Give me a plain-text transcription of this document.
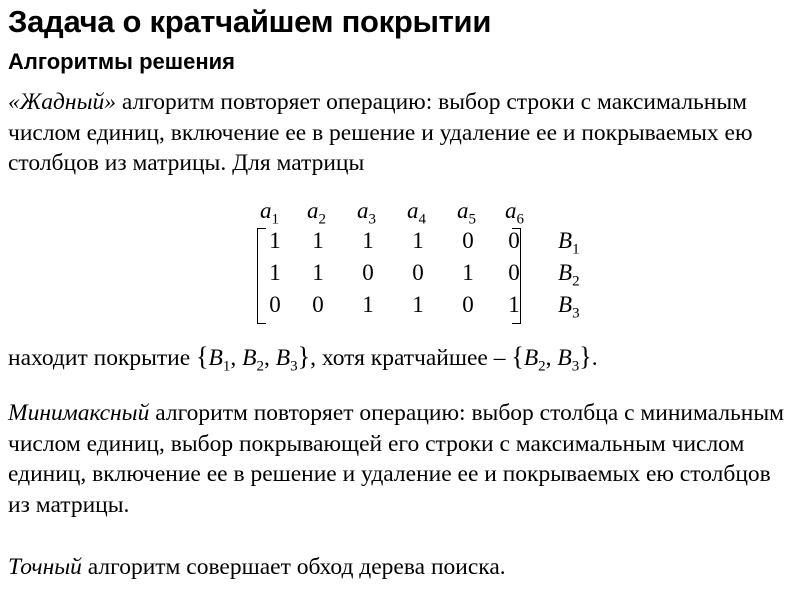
Задача о кратчайшем покрытии
Алгоритмы решения
«Жадный» алгоритм повторяет операцию: выбор строки с максимальным числом единиц, включение ее в решение и удаление ее и покрываемых ею столбцов из матрицы. Для матрицы
$a_1$ $a_2$ $a_3$ $a_4$ $a_5$ $a_6$
1 1 1 1 0 0
1 1 0 0 1 0
0 0 1 1 0 1
$B_1$
$B_2$
$B_3$
находит покрытие {$B_1$, $B_2$, $B_3$}, хотя кратчайшее – {$B_2$, $B_3$}.
Минимаксный алгоритм повторяет операцию: выбор столбца с минимальным числом единиц, выбор покрывающей его строки с максимальным числом единиц, включение ее в решение и удаление ее и покрываемых ею столбцов из матрицы.
Точный алгоритм совершает обход дерева поиска.
